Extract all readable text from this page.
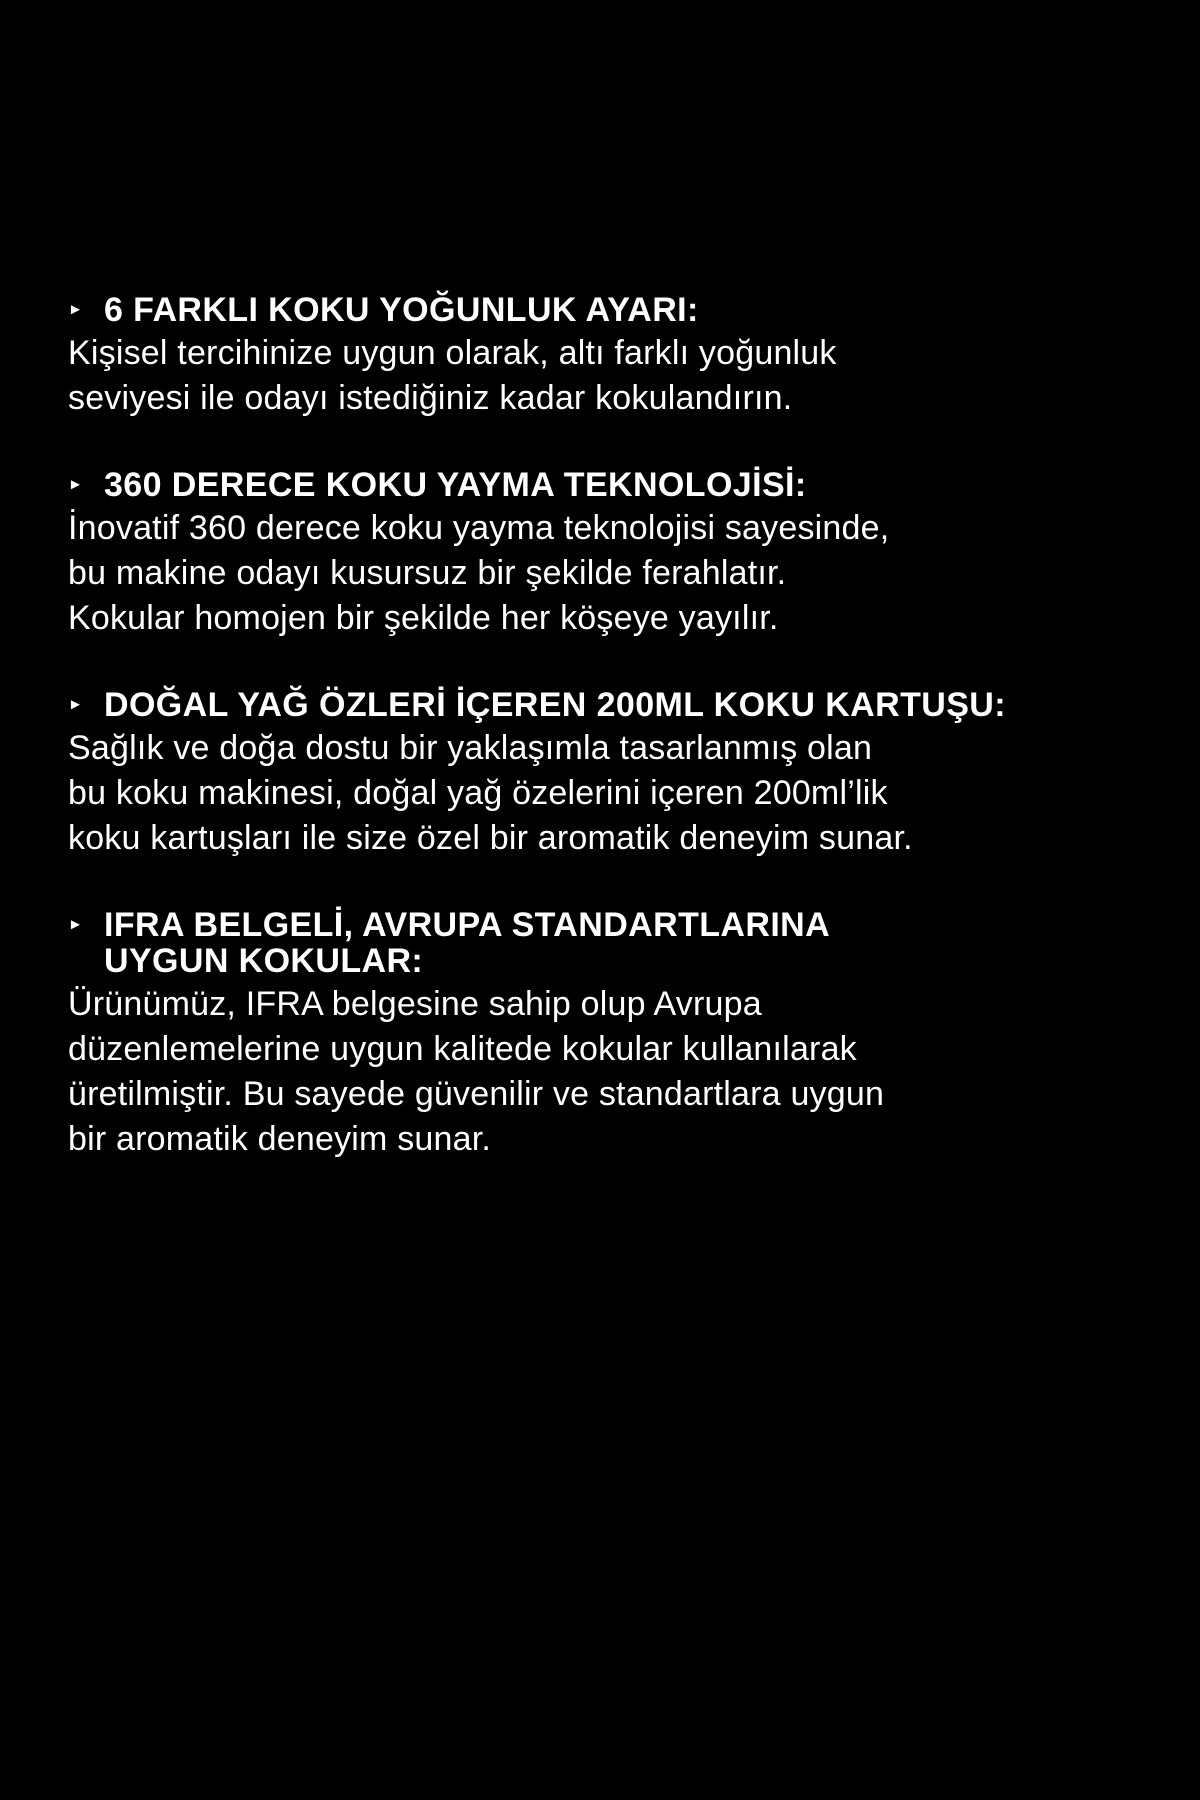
► 6 FARKLI KOKU YOĞUNLUK AYARI:
Kişisel tercihinize uygun olarak, altı farklı yoğunluk
seviyesi ile odayı istediğiniz kadar kokulandırın.
► 360 DERECE KOKU YAYMA TEKNOLOJİSİ:
İnovatif 360 derece koku yayma teknolojisi sayesinde,
bu makine odayı kusursuz bir şekilde ferahlatır.
Kokular homojen bir şekilde her köşeye yayılır.
► DOĞAL YAĞ ÖZLERİ İÇEREN 200ML KOKU KARTUŞU:
Sağlık ve doğa dostu bir yaklaşımla tasarlanmış olan
bu koku makinesi, doğal yağ özelerini içeren 200ml’lik
koku kartuşları ile size özel bir aromatik deneyim sunar.
► IFRA BELGELİ, AVRUPA STANDARTLARINA
UYGUN KOKULAR:
Ürünümüz, IFRA belgesine sahip olup Avrupa
düzenlemelerine uygun kalitede kokular kullanılarak
üretilmiştir. Bu sayede güvenilir ve standartlara uygun
bir aromatik deneyim sunar.
